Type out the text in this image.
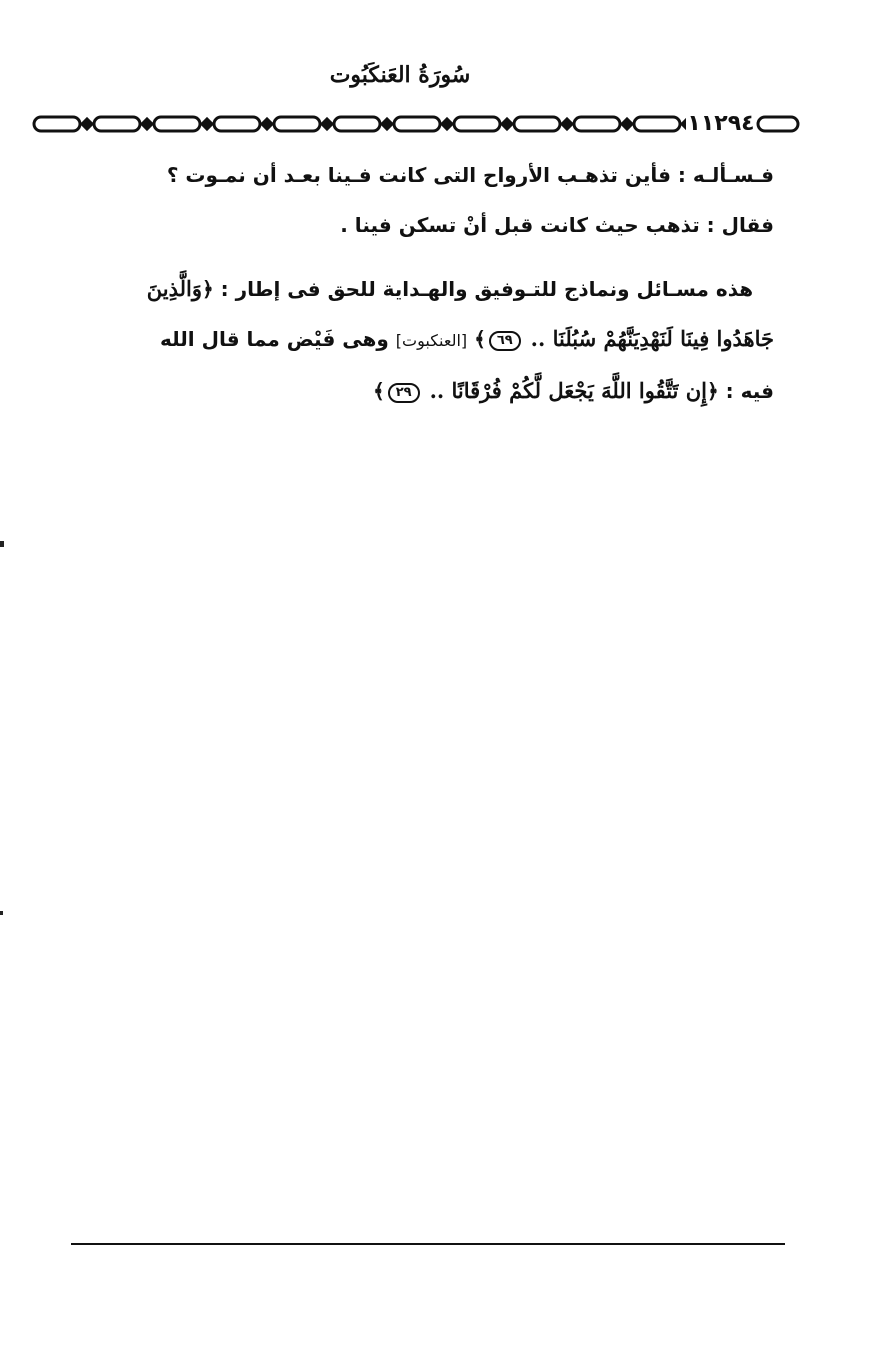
سُورَةُ العَنكَبُوت
١١٢٩٤
فـسـألـه : فأين تذهـب الأرواح التى كانت فـينا بعـد أن نمـوت ؟
فقال : تذهب حيث كانت قبل أنْ تسكن فينا .
هذه مسـائل ونماذج للتـوفيق والهـداية للحق فى إطار : ﴿وَالَّذِينَ
جَاهَدُوا فِينَا لَنَهْدِيَنَّهُمْ سُبُلَنَا .. ٦٩﴾ [العنكبوت] وهى فَيْض مما قال الله
فيه : ﴿إِن تَتَّقُوا اللَّهَ يَجْعَل لَّكُمْ فُرْقَانًا .. ٢٩﴾
